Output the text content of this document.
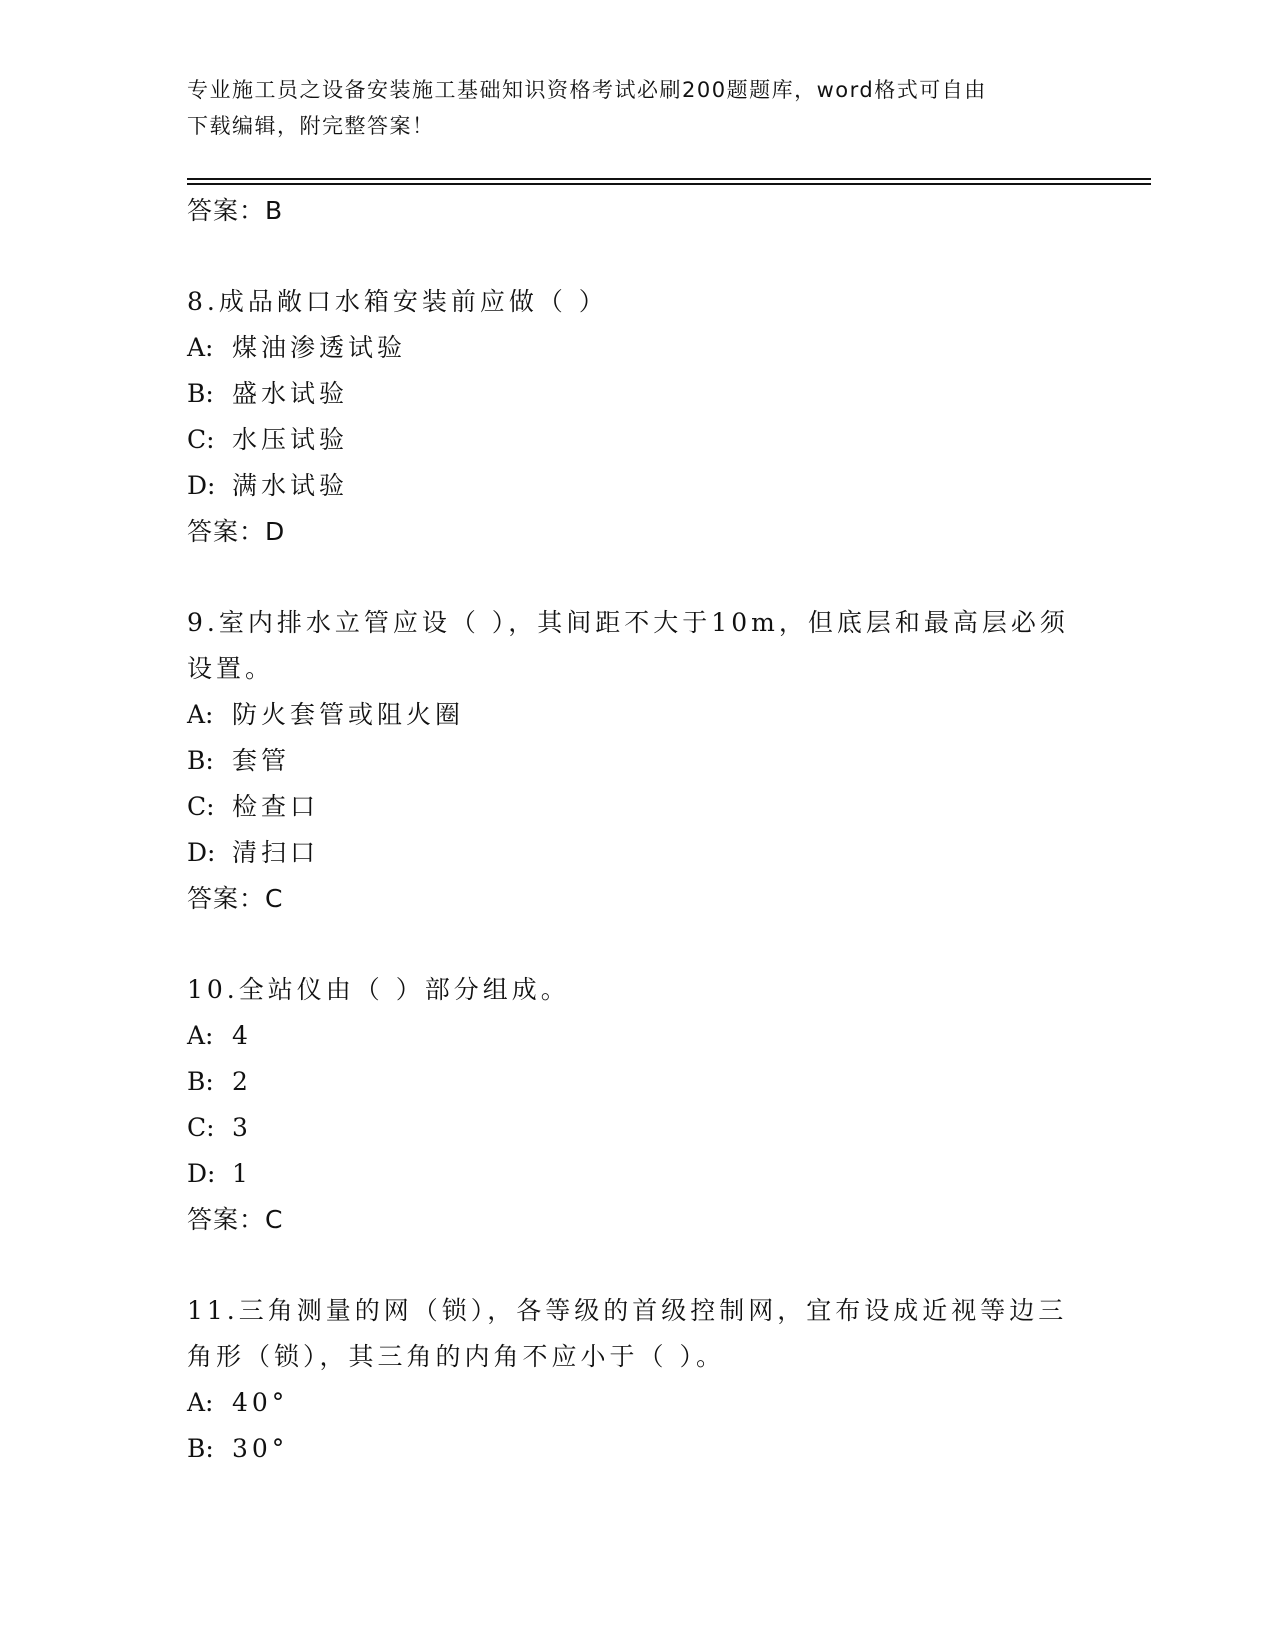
专业施工员之设备安装施工基础知识资格考试必刷200题题库，word格式可自由
下载编辑，附完整答案！
答案：B
8.成品敞口水箱安装前应做（ ）
A: 煤油渗透试验
B: 盛水试验
C: 水压试验
D: 满水试验
答案：D
9.室内排水立管应设（ ），其间距不大于10m，但底层和最高层必须
设置。
A: 防火套管或阻火圈
B: 套管
C: 检查口
D: 清扫口
答案：C
10.全站仪由（ ）部分组成。
A: 4
B: 2
C: 3
D: 1
答案：C
11.三角测量的网（锁），各等级的首级控制网，宜布设成近视等边三
角形（锁），其三角的内角不应小于（ ）。
A: 40°
B: 30°
